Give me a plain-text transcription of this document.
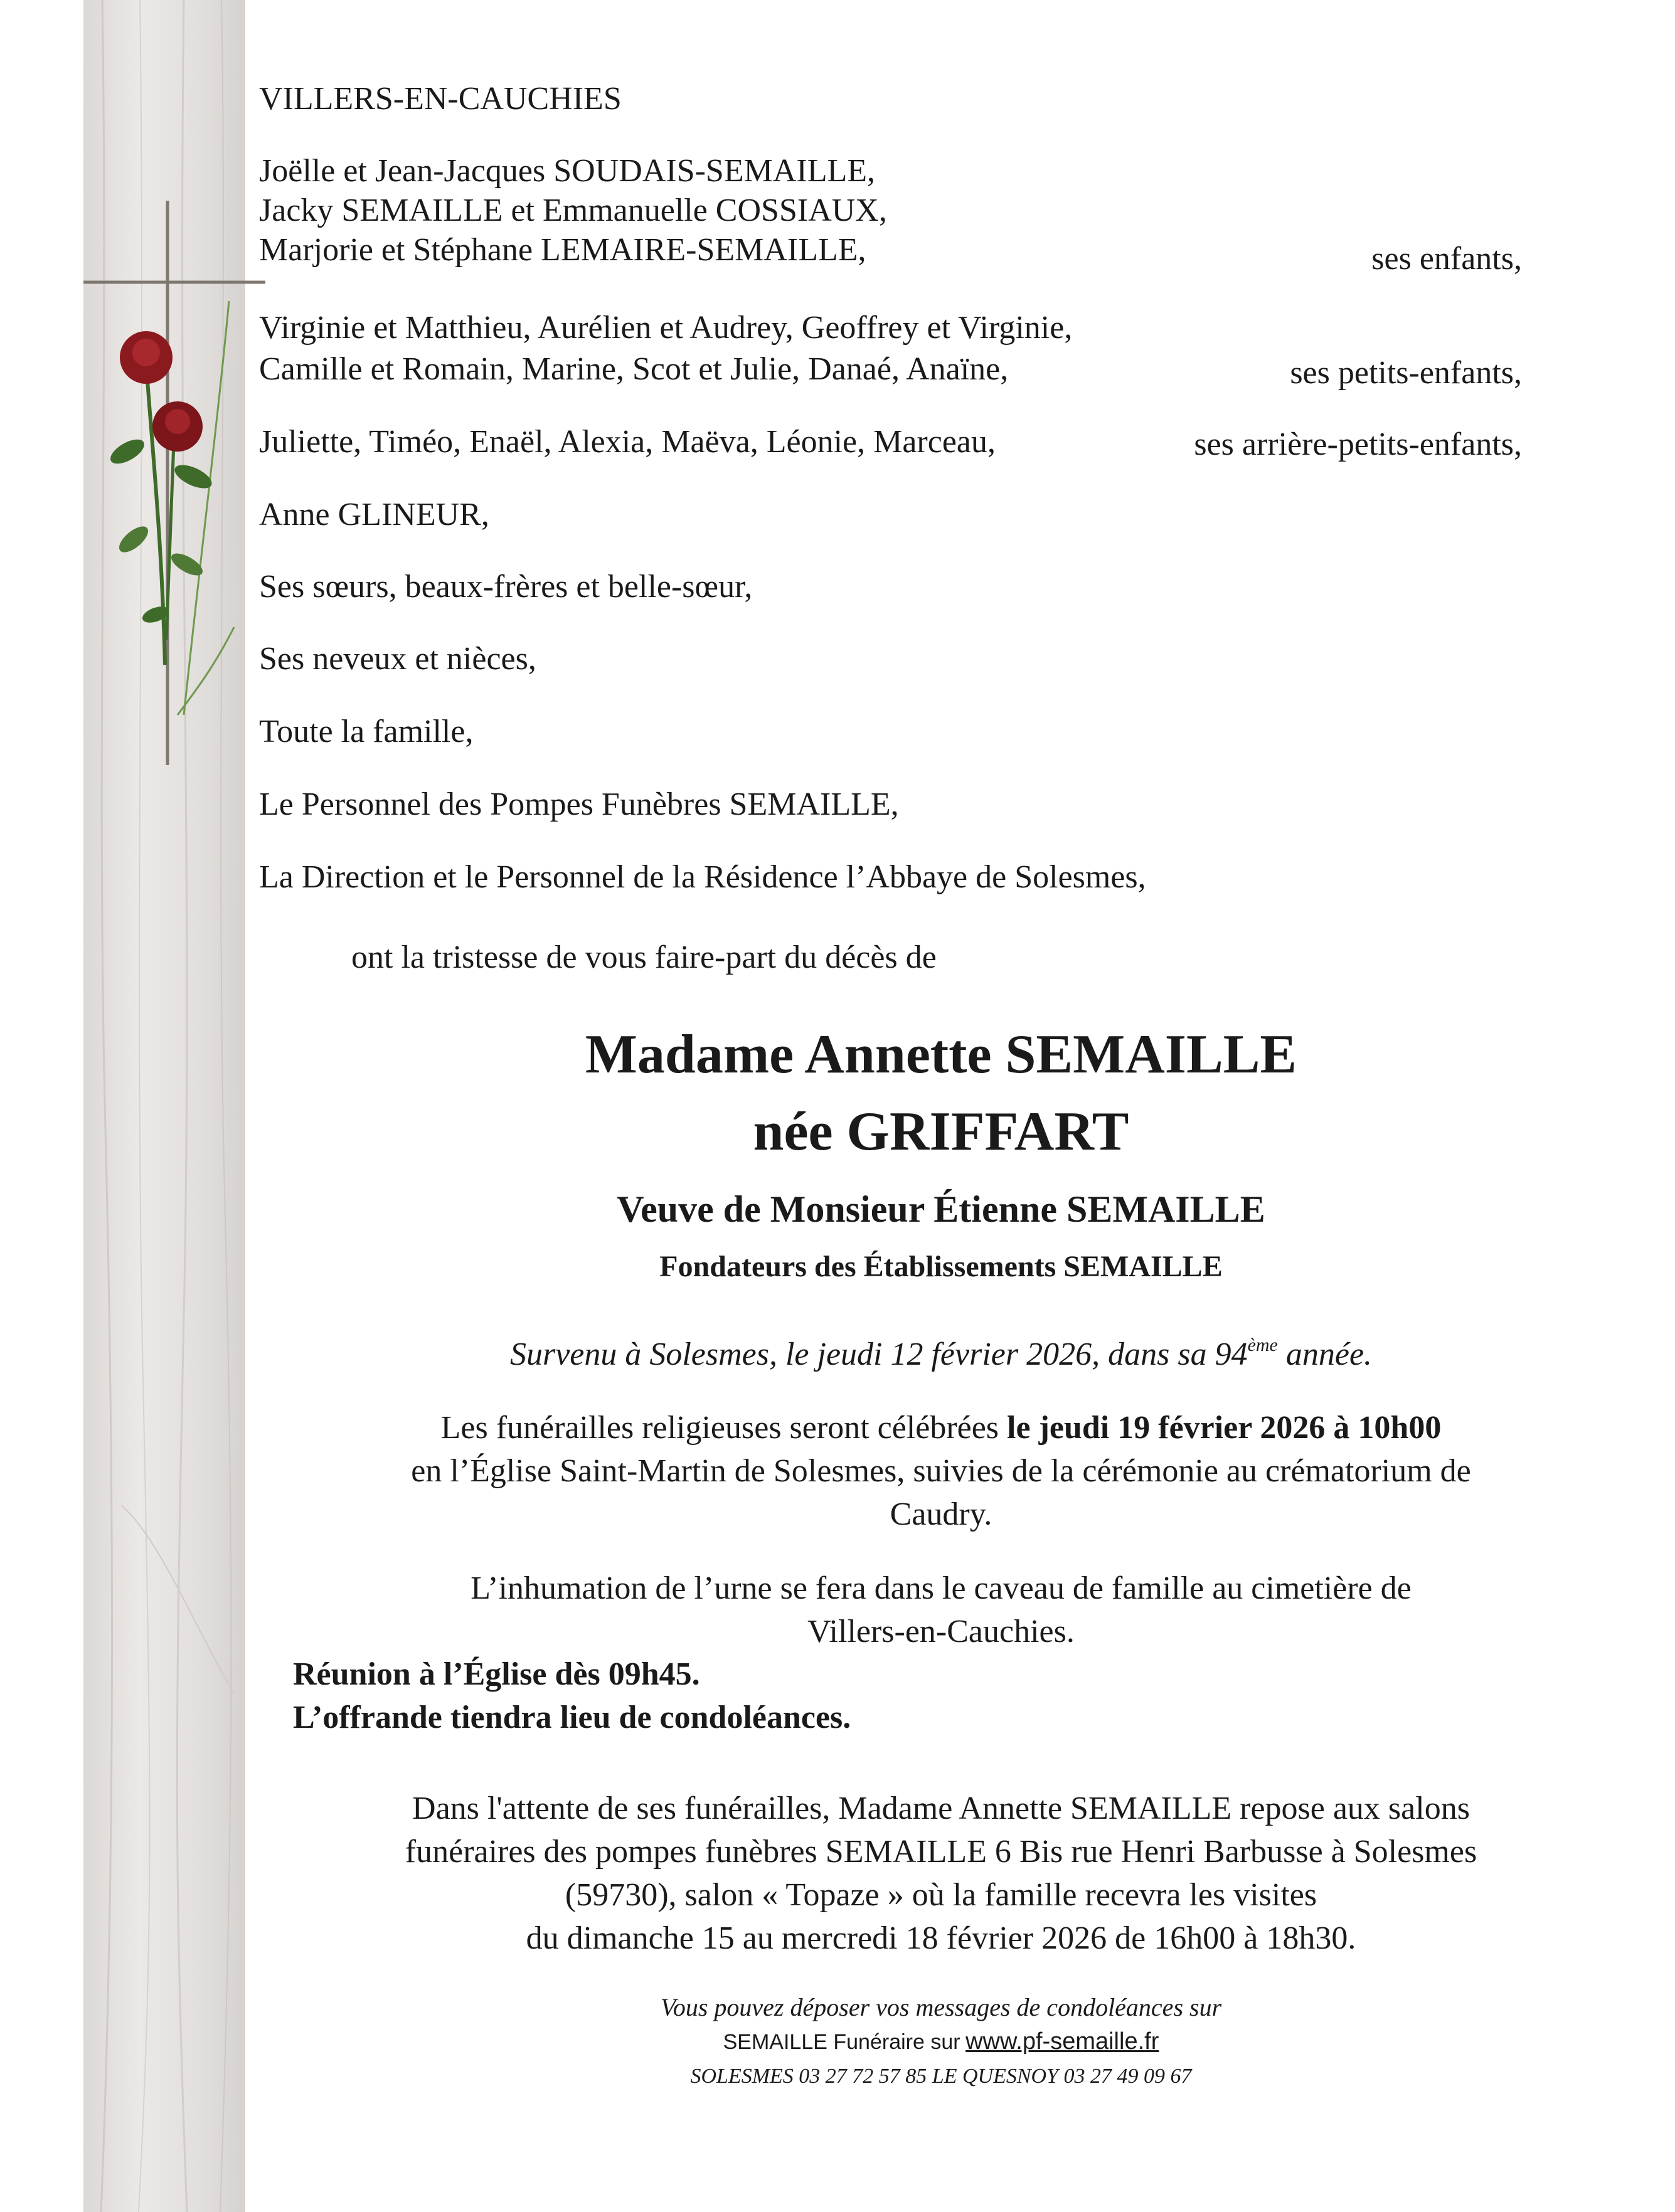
VILLERS-EN-CAUCHIES
Joëlle et Jean-Jacques SOUDAIS-SEMAILLE,
Jacky SEMAILLE et Emmanuelle COSSIAUX,
Marjorie et Stéphane LEMAIRE-SEMAILLE,	ses enfants,
Virginie et Matthieu, Aurélien et Audrey, Geoffrey et Virginie,
Camille et Romain, Marine, Scot et Julie, Danaé, Anaïne,	ses petits-enfants,
Juliette, Timéo, Enaël, Alexia, Maëva, Léonie, Marceau,	ses arrière-petits-enfants,
Anne GLINEUR,
Ses sœurs, beaux-frères et belle-sœur,
Ses neveux et nièces,
Toute la famille,
Le Personnel des Pompes Funèbres SEMAILLE,
La Direction et le Personnel de la Résidence l’Abbaye de Solesmes,
ont la tristesse de vous faire-part du décès de
Madame Annette SEMAILLE
née GRIFFART
Veuve de Monsieur Étienne SEMAILLE
Fondateurs des Établissements SEMAILLE
Survenu à Solesmes, le jeudi 12 février 2026, dans sa 94ème année.
Les funérailles religieuses seront célébrées le jeudi 19 février 2026 à 10h00
en l’Église Saint-Martin de Solesmes, suivies de la cérémonie au crématorium de
Caudry.
L’inhumation de l’urne se fera dans le caveau de famille au cimetière de
Villers-en-Cauchies.
Réunion à l’Église dès 09h45.
L’offrande tiendra lieu de condoléances.
Dans l'attente de ses funérailles, Madame Annette SEMAILLE repose aux salons
funéraires des pompes funèbres SEMAILLE 6 Bis rue Henri Barbusse à Solesmes
(59730), salon « Topaze » où la famille recevra les visites
du dimanche 15 au mercredi 18 février 2026 de 16h00 à 18h30.
Vous pouvez déposer vos messages de condoléances sur
SEMAILLE Funéraire sur www.pf-semaille.fr
SOLESMES 03 27 72 57 85 LE QUESNOY 03 27 49 09 67
